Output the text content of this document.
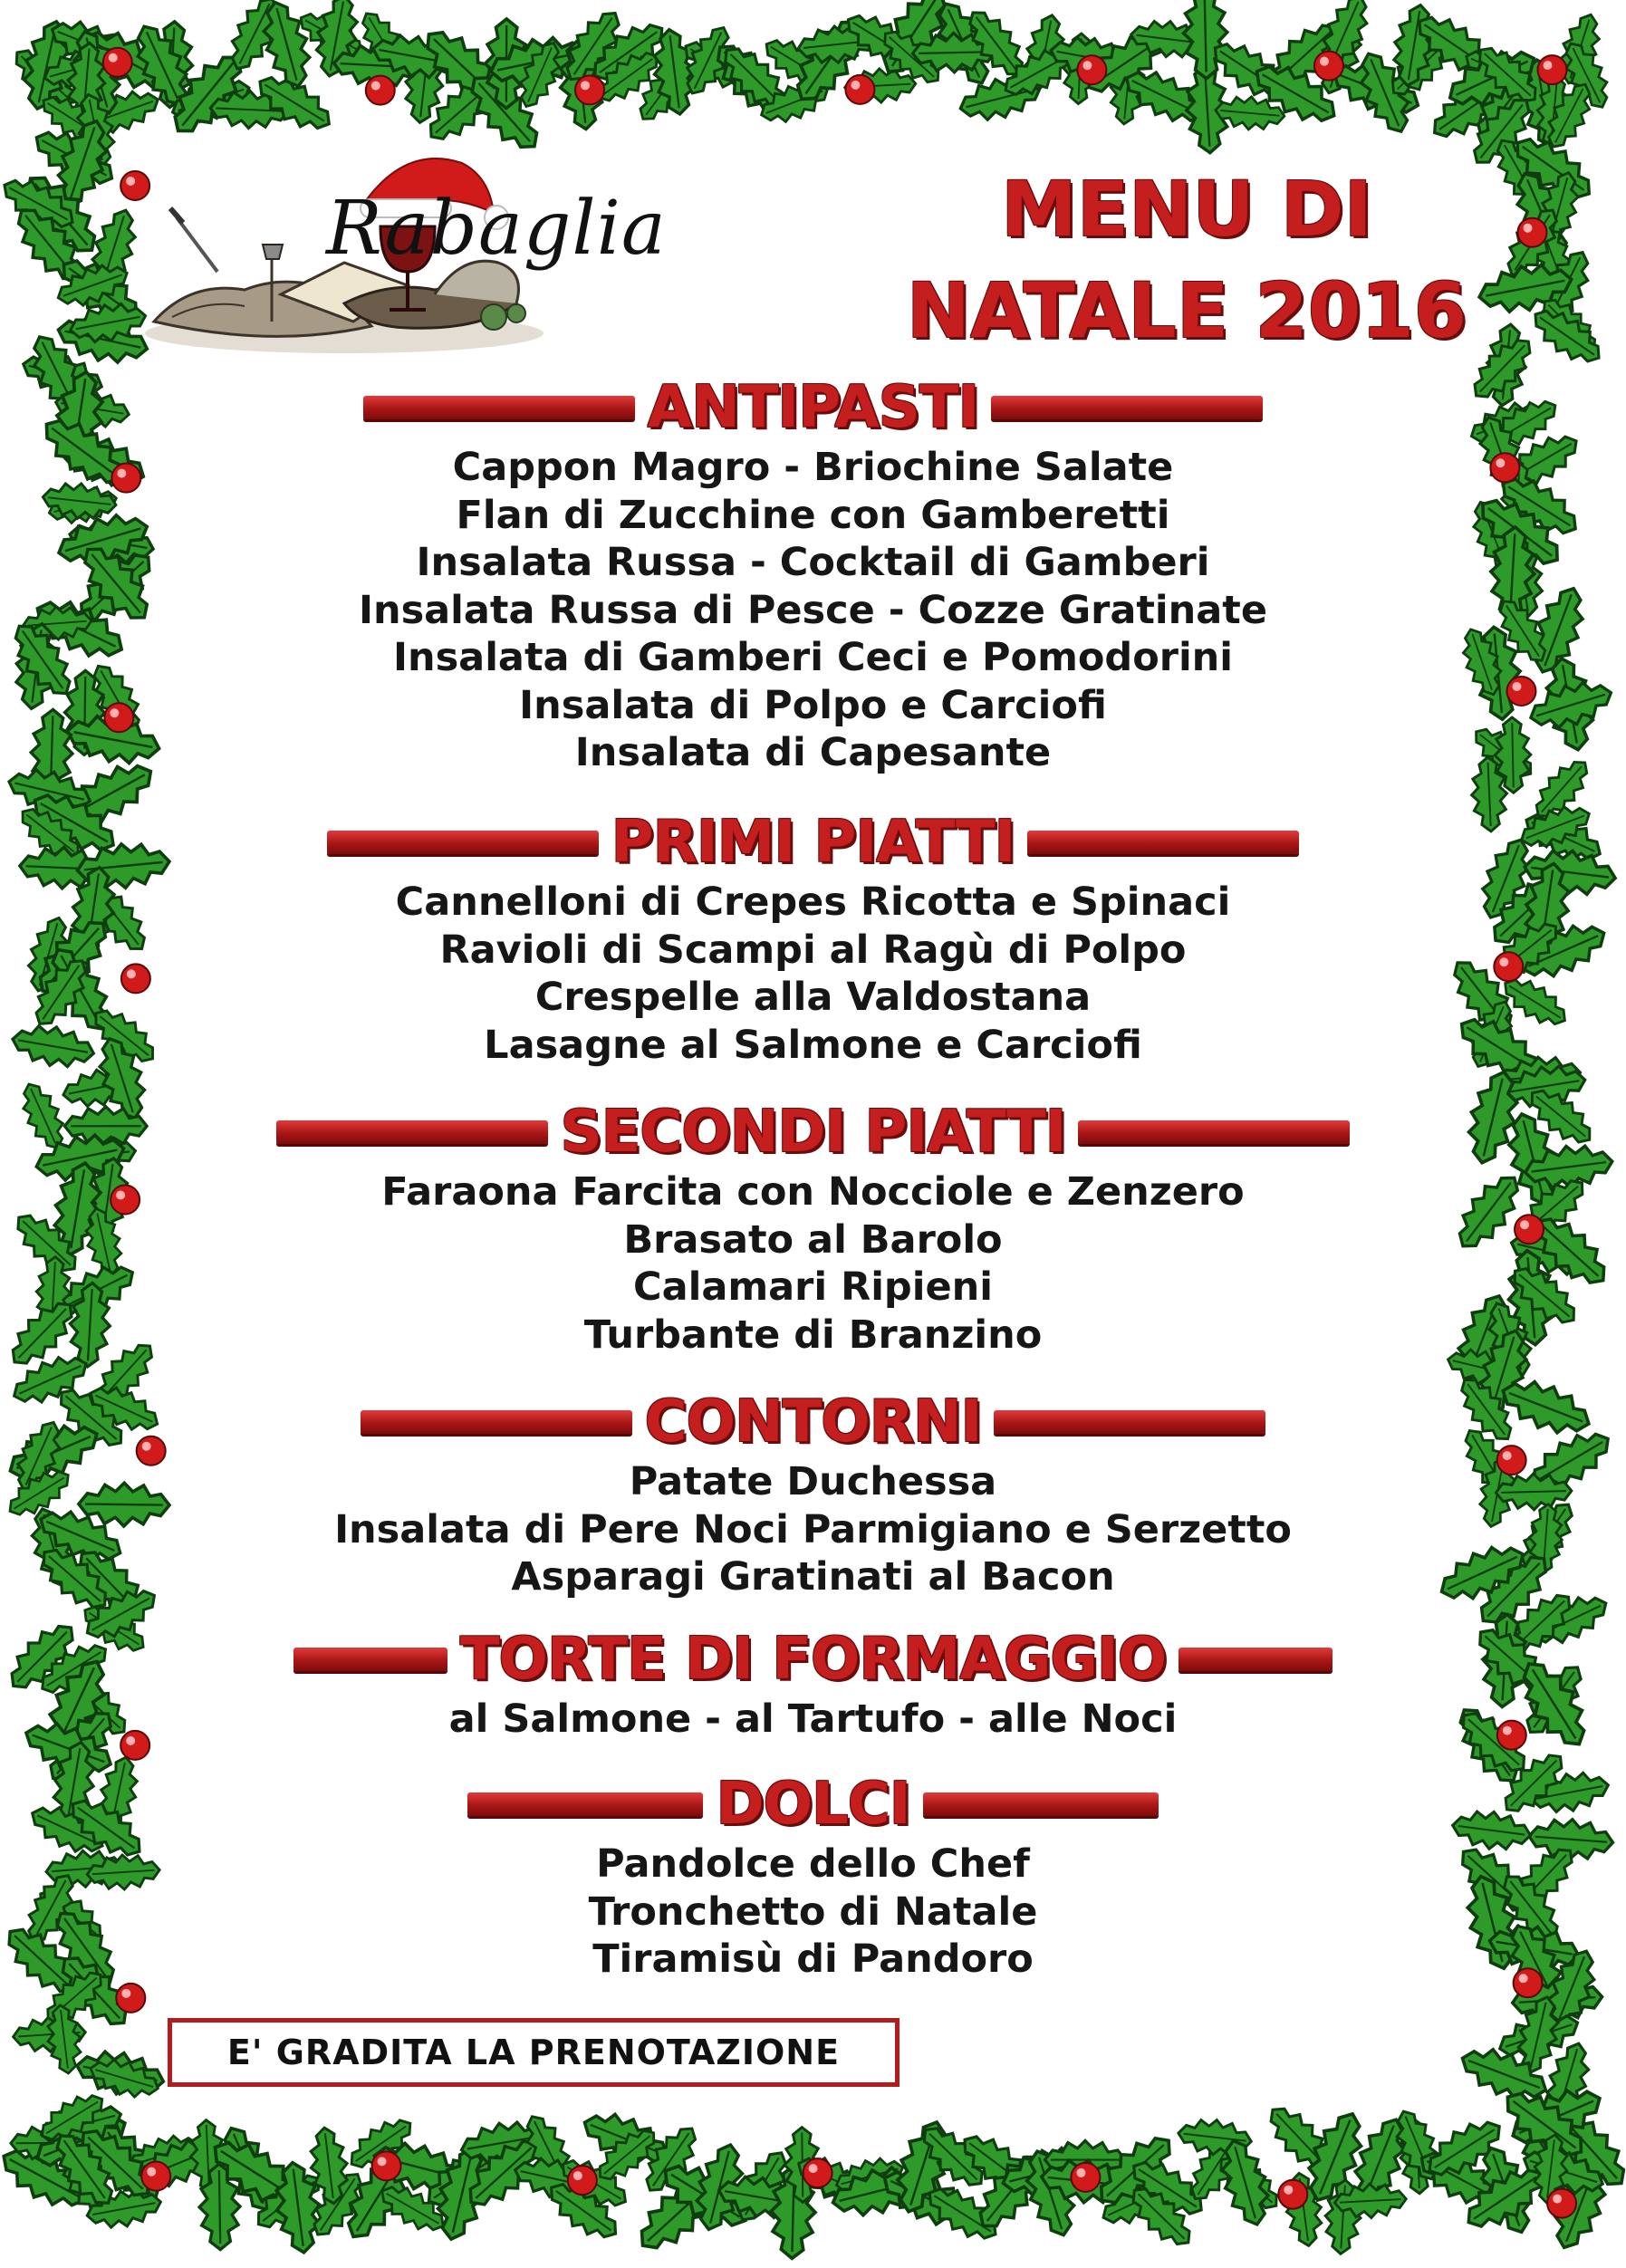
Rabaglia	MENU DI
NATALE 2016
ANTIPASTI
Cappon Magro - Briochine Salate
Flan di Zucchine con Gamberetti
Insalata Russa - Cocktail di Gamberi
Insalata Russa di Pesce - Cozze Gratinate
Insalata di Gamberi Ceci e Pomodorini
Insalata di Polpo e Carciofi
Insalata di Capesante
PRIMI PIATTI
Cannelloni di Crepes Ricotta e Spinaci
Ravioli di Scampi al Ragù di Polpo
Crespelle alla Valdostana
Lasagne al Salmone e Carciofi
SECONDI PIATTI
Faraona Farcita con Nocciole e Zenzero
Brasato al Barolo
Calamari Ripieni
Turbante di Branzino
CONTORNI
Patate Duchessa
Insalata di Pere Noci Parmigiano e Serzetto
Asparagi Gratinati al Bacon
TORTE DI FORMAGGIO
al Salmone - al Tartufo - alle Noci
DOLCI
Pandolce dello Chef
Tronchetto di Natale
Tiramisù di Pandoro
E' GRADITA LA PRENOTAZIONE
